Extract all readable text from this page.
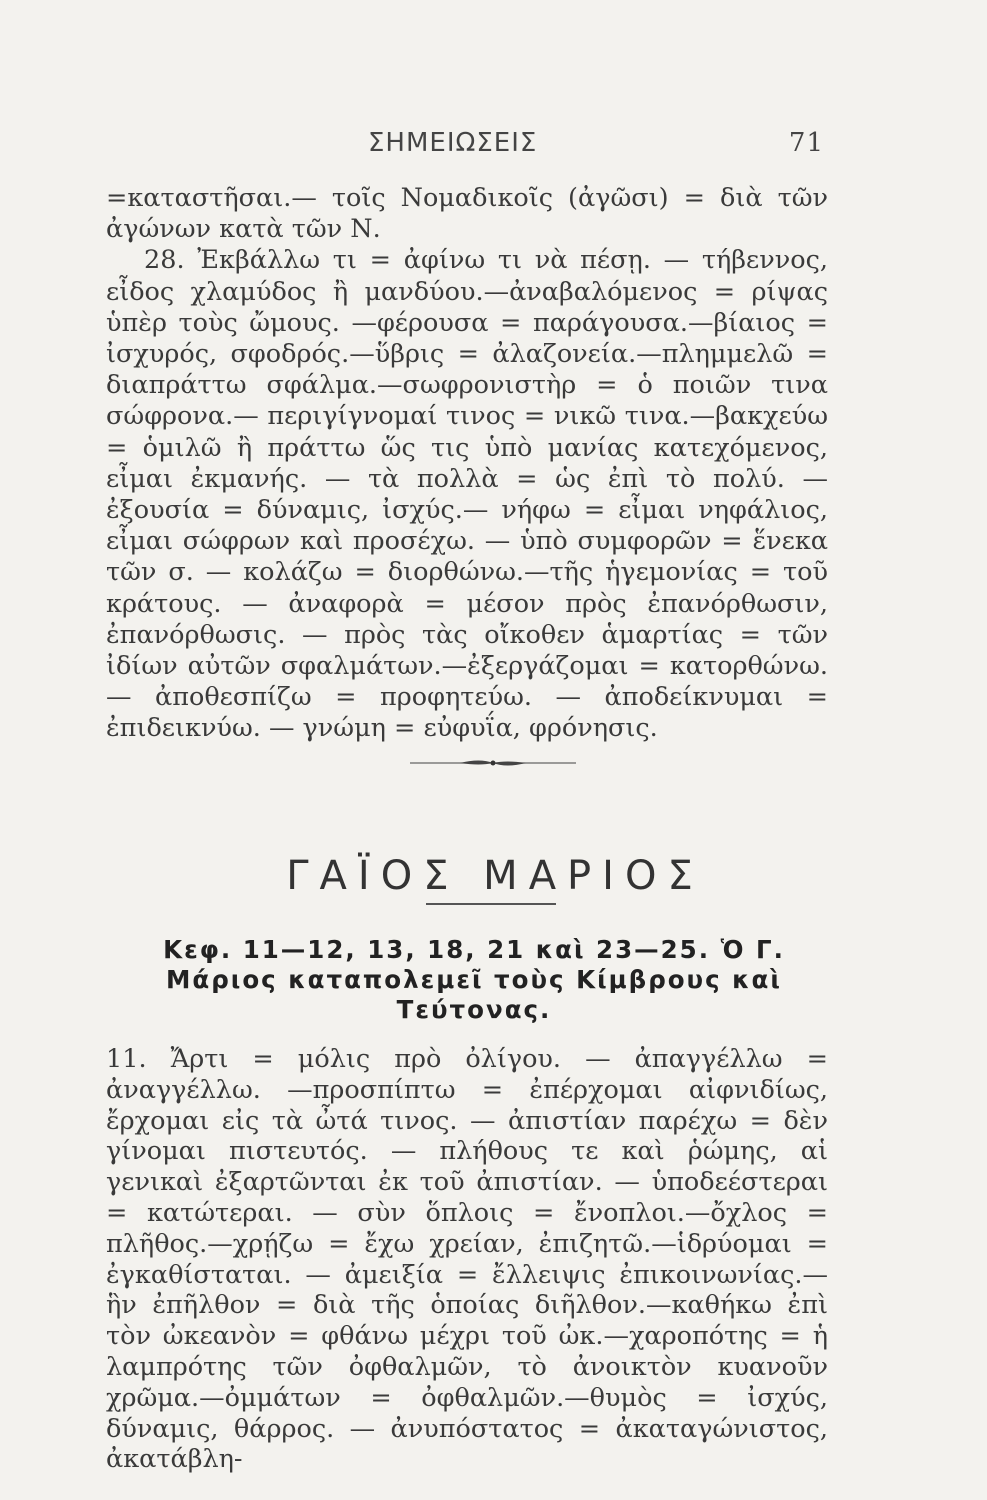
ΣΗΜΕΙΩΣΕΙΣ	71

=καταστῆσαι.— τοῖς Νομαδικοῖς (ἀγῶσι) = διὰ τῶν ἀγώνων κατὰ τῶν Ν.

28. Ἐκβάλλω τι = ἀφίνω τι νὰ πέσῃ. — τήβεννος, εἶδος χλαμύδος ἢ μανδύου.—ἀναβαλόμενος = ρίψας ὑπὲρ τοὺς ὤμους. —φέρουσα = παράγουσα.—βίαιος = ἰσχυρός, σφοδρός.—ὕβρις = ἀλαζονεία.—πλημμελῶ = διαπράττω σφάλμα.—σωφρονιστὴρ = ὁ ποιῶν τινα σώφρονα.— περιγίγνομαί τινος = νικῶ τινα.—βακχεύω = ὁμιλῶ ἢ πράττω ὥς τις ὑπὸ μανίας κατεχόμενος, εἶμαι ἐκμανής. — τὰ πολλὰ = ὡς ἐπὶ τὸ πολύ. — ἐξουσία = δύναμις, ἰσχύς.— νήφω = εἶμαι νηφάλιος, εἶμαι σώφρων καὶ προσέχω. — ὑπὸ συμφορῶν = ἕνεκα τῶν σ. — κολάζω = διορθώνω.—τῆς ἡγεμονίας = τοῦ κράτους. — ἀναφορὰ = μέσον πρὸς ἐπανόρθωσιν, ἐπανόρθωσις. — πρὸς τὰς οἴκοθεν ἁμαρτίας = τῶν ἰδίων αὐτῶν σφαλμάτων.—ἐξεργάζομαι = κατορθώνω. — ἀποθεσπίζω = προφητεύω. — ἀποδείκνυμαι = ἐπιδεικνύω. — γνώμη = εὐφυΐα, φρόνησις.

ΓΑΪΟΣ ΜΑΡΙΟΣ
Κεφ. 11—12, 13, 18, 21 καὶ 23—25. Ὁ Γ. Μάριος καταπολεμεῖ τοὺς Κίμβρους καὶ Τεύτονας.
11. Ἄρτι = μόλις πρὸ ὀλίγου. — ἀπαγγέλλω = ἀναγγέλλω. —προσπίπτω = ἐπέρχομαι αἰφνιδίως, ἔρχομαι εἰς τὰ ὦτά τινος. — ἀπιστίαν παρέχω = δὲν γίνομαι πιστευτός. — πλήθους τε καὶ ῥώμης, αἱ γενικαὶ ἐξαρτῶνται ἐκ τοῦ ἀπιστίαν. — ὑποδεέστεραι = κατώτεραι. — σὺν ὅπλοις = ἔνοπλοι.—ὄχλος = πλῆθος.—χρῄζω = ἔχω χρείαν, ἐπιζητῶ.—ἱδρύομαι = ἐγκαθίσταται. — ἀμειξία = ἔλλειψις ἐπικοινωνίας.— ἣν ἐπῆλθον = διὰ τῆς ὁποίας διῆλθον.—καθήκω ἐπὶ τὸν ὠκεανὸν = φθάνω μέχρι τοῦ ὠκ.—χαροπότης = ἡ λαμπρότης τῶν ὀφθαλμῶν, τὸ ἀνοικτὸν κυανοῦν χρῶμα.—ὀμμάτων = ὀφθαλμῶν.—θυμὸς = ἰσχύς, δύναμις, θάρρος. — ἀνυπόστατος = ἀκαταγώνιστος, ἀκατάβλη-
